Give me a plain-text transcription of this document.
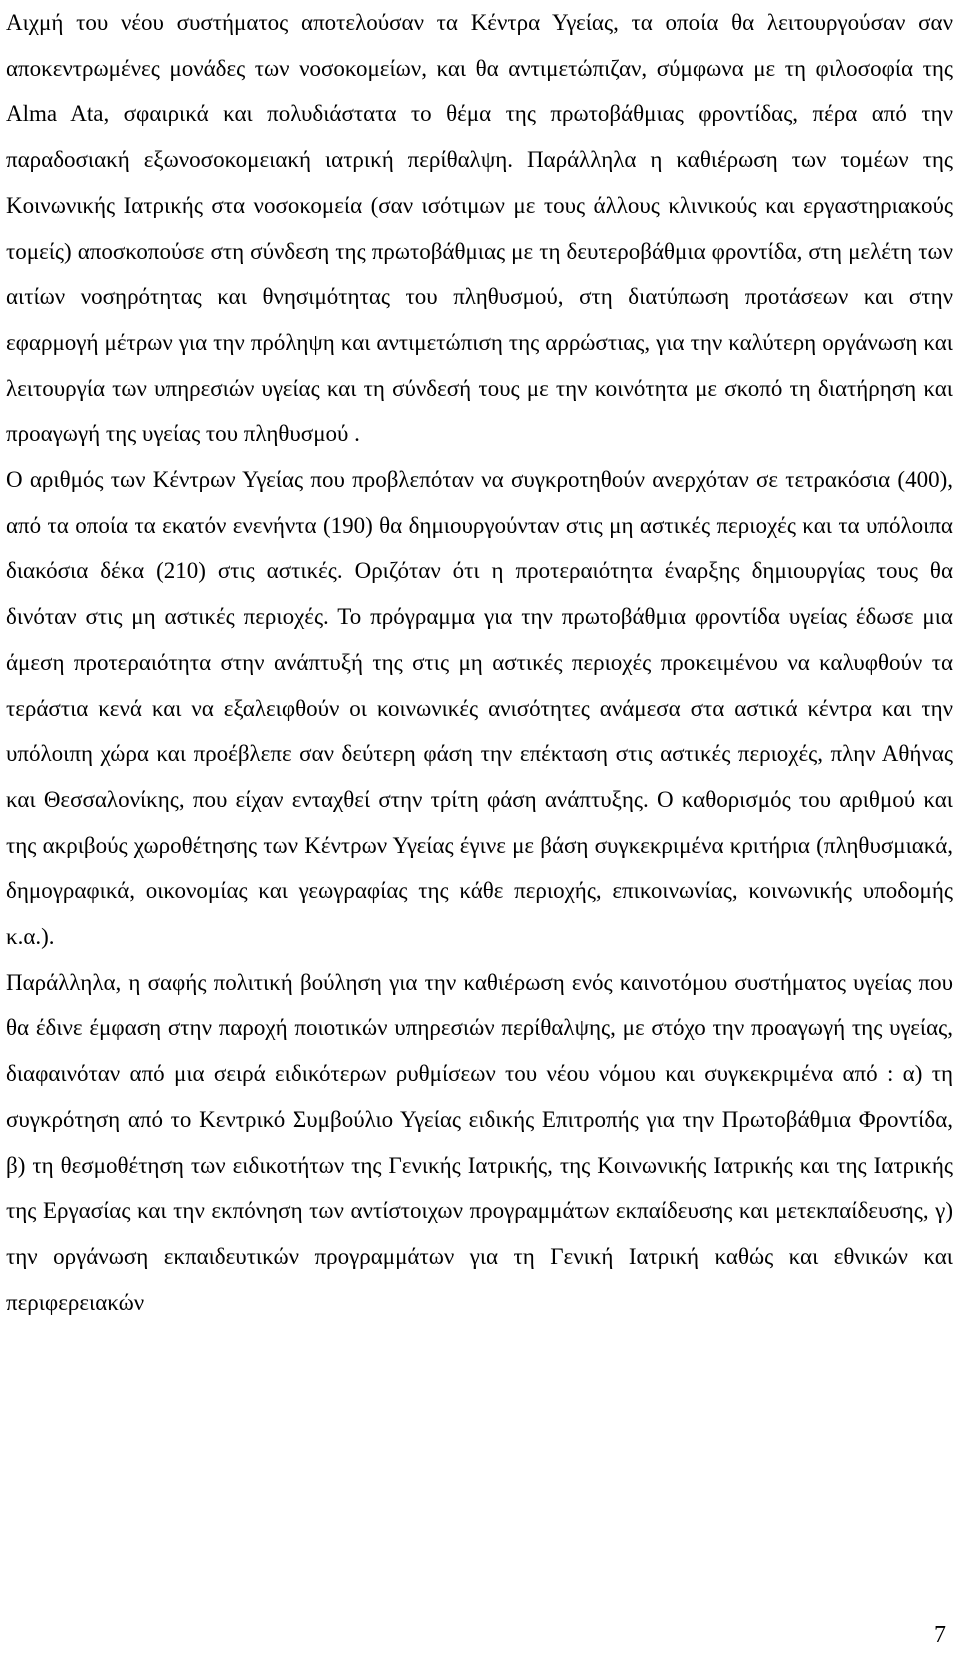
Αιχμή του νέου συστήματος αποτελούσαν τα Κέντρα Υγείας, τα οποία θα λειτουργούσαν σαν αποκεντρωμένες μονάδες των νοσοκομείων, και θα αντιμετώπιζαν, σύμφωνα με τη φιλοσοφία της Alma Ata, σφαιρικά και πολυδιάστατα το θέμα της πρωτοβάθμιας φροντίδας, πέρα από την παραδοσιακή εξωνοσοκομειακή ιατρική περίθαλψη. Παράλληλα η καθιέρωση των τομέων της Κοινωνικής Ιατρικής στα νοσοκομεία (σαν ισότιμων με τους άλλους κλινικούς και εργαστηριακούς τομείς) αποσκοπούσε στη σύνδεση της πρωτοβάθμιας με τη δευτεροβάθμια φροντίδα, στη μελέτη των αιτίων νοσηρότητας και θνησιμότητας του πληθυσμού, στη διατύπωση προτάσεων και στην εφαρμογή μέτρων για την πρόληψη και αντιμετώπιση της αρρώστιας, για την καλύτερη οργάνωση και λειτουργία των υπηρεσιών υγείας και τη σύνδεσή τους με την κοινότητα με σκοπό τη διατήρηση και προαγωγή της υγείας του πληθυσμού .

Ο αριθμός των Κέντρων Υγείας που προβλεπόταν να συγκροτηθούν ανερχόταν σε τετρακόσια (400), από τα οποία τα εκατόν ενενήντα (190) θα δημιουργούνταν στις μη αστικές περιοχές και τα υπόλοιπα διακόσια δέκα (210) στις αστικές. Οριζόταν ότι η προτεραιότητα έναρξης δημιουργίας τους θα δινόταν στις μη αστικές περιοχές. Το πρόγραμμα για την πρωτοβάθμια φροντίδα υγείας έδωσε μια άμεση προτεραιότητα στην ανάπτυξή της στις μη αστικές περιοχές προκειμένου να καλυφθούν τα τεράστια κενά και να εξαλειφθούν οι κοινωνικές ανισότητες ανάμεσα στα αστικά κέντρα και την υπόλοιπη χώρα και προέβλεπε σαν δεύτερη φάση την επέκταση στις αστικές περιοχές, πλην Αθήνας και Θεσσαλονίκης, που είχαν ενταχθεί στην τρίτη φάση ανάπτυξης. Ο καθορισμός του αριθμού και της ακριβούς χωροθέτησης των Κέντρων Υγείας έγινε με βάση συγκεκριμένα κριτήρια (πληθυσμιακά, δημογραφικά, οικονομίας και γεωγραφίας της κάθε περιοχής, επικοινωνίας, κοινωνικής υποδομής κ.α.).

Παράλληλα, η σαφής πολιτική βούληση για την καθιέρωση ενός καινοτόμου συστήματος υγείας που θα έδινε έμφαση στην παροχή ποιοτικών υπηρεσιών περίθαλψης, με στόχο την προαγωγή της υγείας, διαφαινόταν από μια σειρά ειδικότερων ρυθμίσεων του νέου νόμου και συγκεκριμένα από : α) τη συγκρότηση από το Κεντρικό Συμβούλιο Υγείας ειδικής Επιτροπής για την Πρωτοβάθμια Φροντίδα, β) τη θεσμοθέτηση των ειδικοτήτων της Γενικής Ιατρικής, της Κοινωνικής Ιατρικής και της Ιατρικής της Εργασίας και την εκπόνηση των αντίστοιχων προγραμμάτων εκπαίδευσης και μετεκπαίδευσης, γ) την οργάνωση εκπαιδευτικών προγραμμάτων για τη Γενική Ιατρική καθώς και εθνικών και περιφερειακών

7
